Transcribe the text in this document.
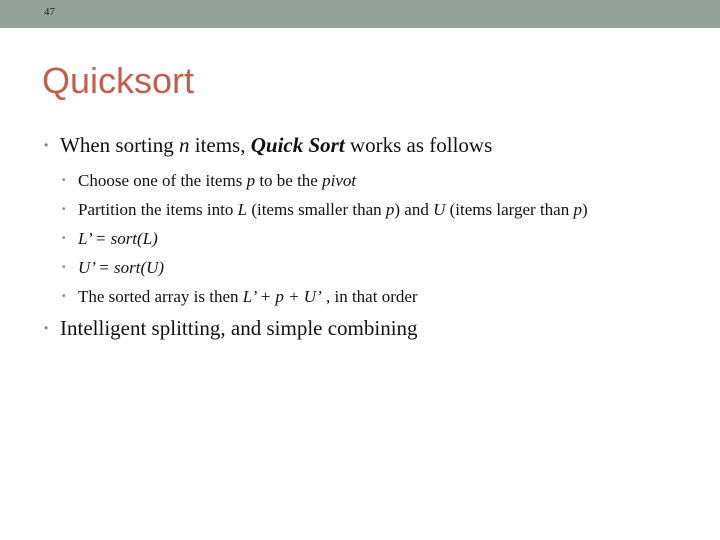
47
Quicksort

• When sorting n items, Quick Sort works as follows

• Choose one of the items p to be the pivot

• Partition the items into L (items smaller than p) and U (items larger than p)

• L’ = sort(L)

• U’ = sort(U)

• The sorted array is then L’ + p + U’ , in that order

• Intelligent splitting, and simple combining
